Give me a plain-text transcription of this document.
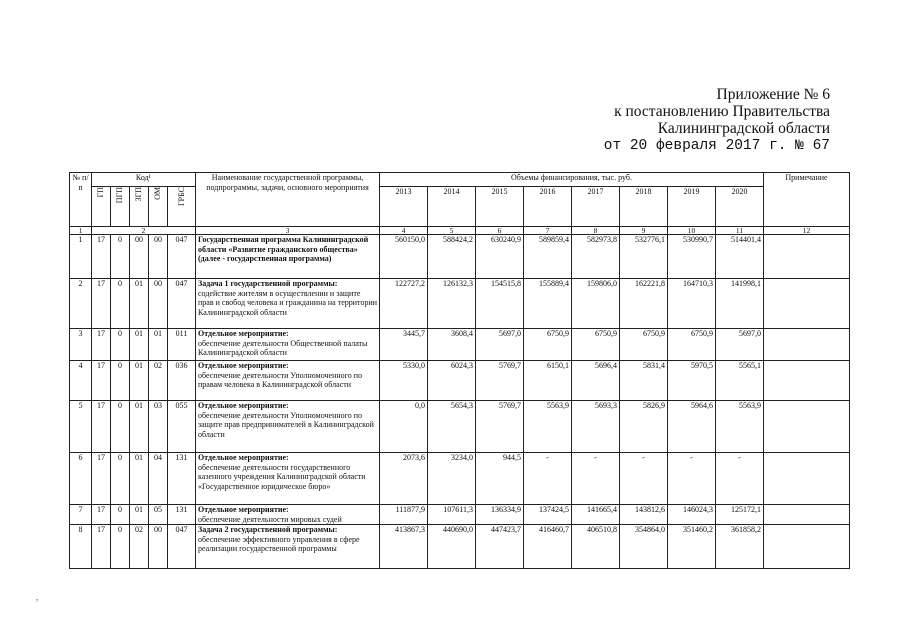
Приложение № 6
к постановлению Правительства
Калининградской области
от 20 февраля 2017 г. № 67
№ п/п	Код¹					Наименование государственной программы, подпрограммы, задачи, основного мероприятия	Объемы финансирования, тыс. руб.								Примечание
	ГП	ПГП	ЗГП	ОМ	ГРБС		2013	2014	2015	2016	2017	2018	2019	2020	
1	2					3	4	5	6	7	8	9	10	11	12
1	17	0	00	00	047	Государственная программа Калининградской области «Развитие гражданского общества» (далее - государственная программа)	560150,0	588424,2	630240,9	589859,4	582973,8	532776,1	530990,7	514401,4	
2	17	0	01	00	047	Задача 1 государственной программы:
содействие жителям в осуществлении и защите прав и свобод человека и гражданина на территории Калининградской области	122727,2	126132,3	154515,8	155889,4	159806,0	162221,8	164710,3	141998,1	
3	17	0	01	01	011	Отдельное мероприятие:
обеспечение деятельности Общественной палаты Калининградской области	3445,7	3608,4	5697,0	6750,9	6750,9	6750,9	6750,9	5697,0	
4	17	0	01	02	036	Отдельное мероприятие:
обеспечение деятельности Уполномоченного по правам человека в Калининградской области	5330,0	6024,3	5769,7	6150,1	5696,4	5831,4	5970,5	5565,1	
5	17	0	01	03	055	Отдельное мероприятие:
обеспечение деятельности Уполномоченного по защите прав предпринимателей в Калининградской области	0,0	5654,3	5769,7	5563,9	5693,3	5826,9	5964,6	5563,9	
6	17	0	01	04	131	Отдельное мероприятие:
обеспечение деятельности государственного казенного учреждения Калининградской области «Государственное юридическое бюро»	2073,6	3234,0	944,5	-	-	-	-	-	
7	17	0	01	05	131	Отдельное мероприятие:
обеспечение деятельности мировых судей	111877,9	107611,3	136334,9	137424,5	141665,4	143812,6	146024,3	125172,1	
8	17	0	02	00	047	Задача 2 государственной программы:
обеспечение эффективного управления в сфере реализации государственной программы	413867,3	440690,0	447423,7	416460,7	406510,8	354864,0	351460,2	361858,2	
,
